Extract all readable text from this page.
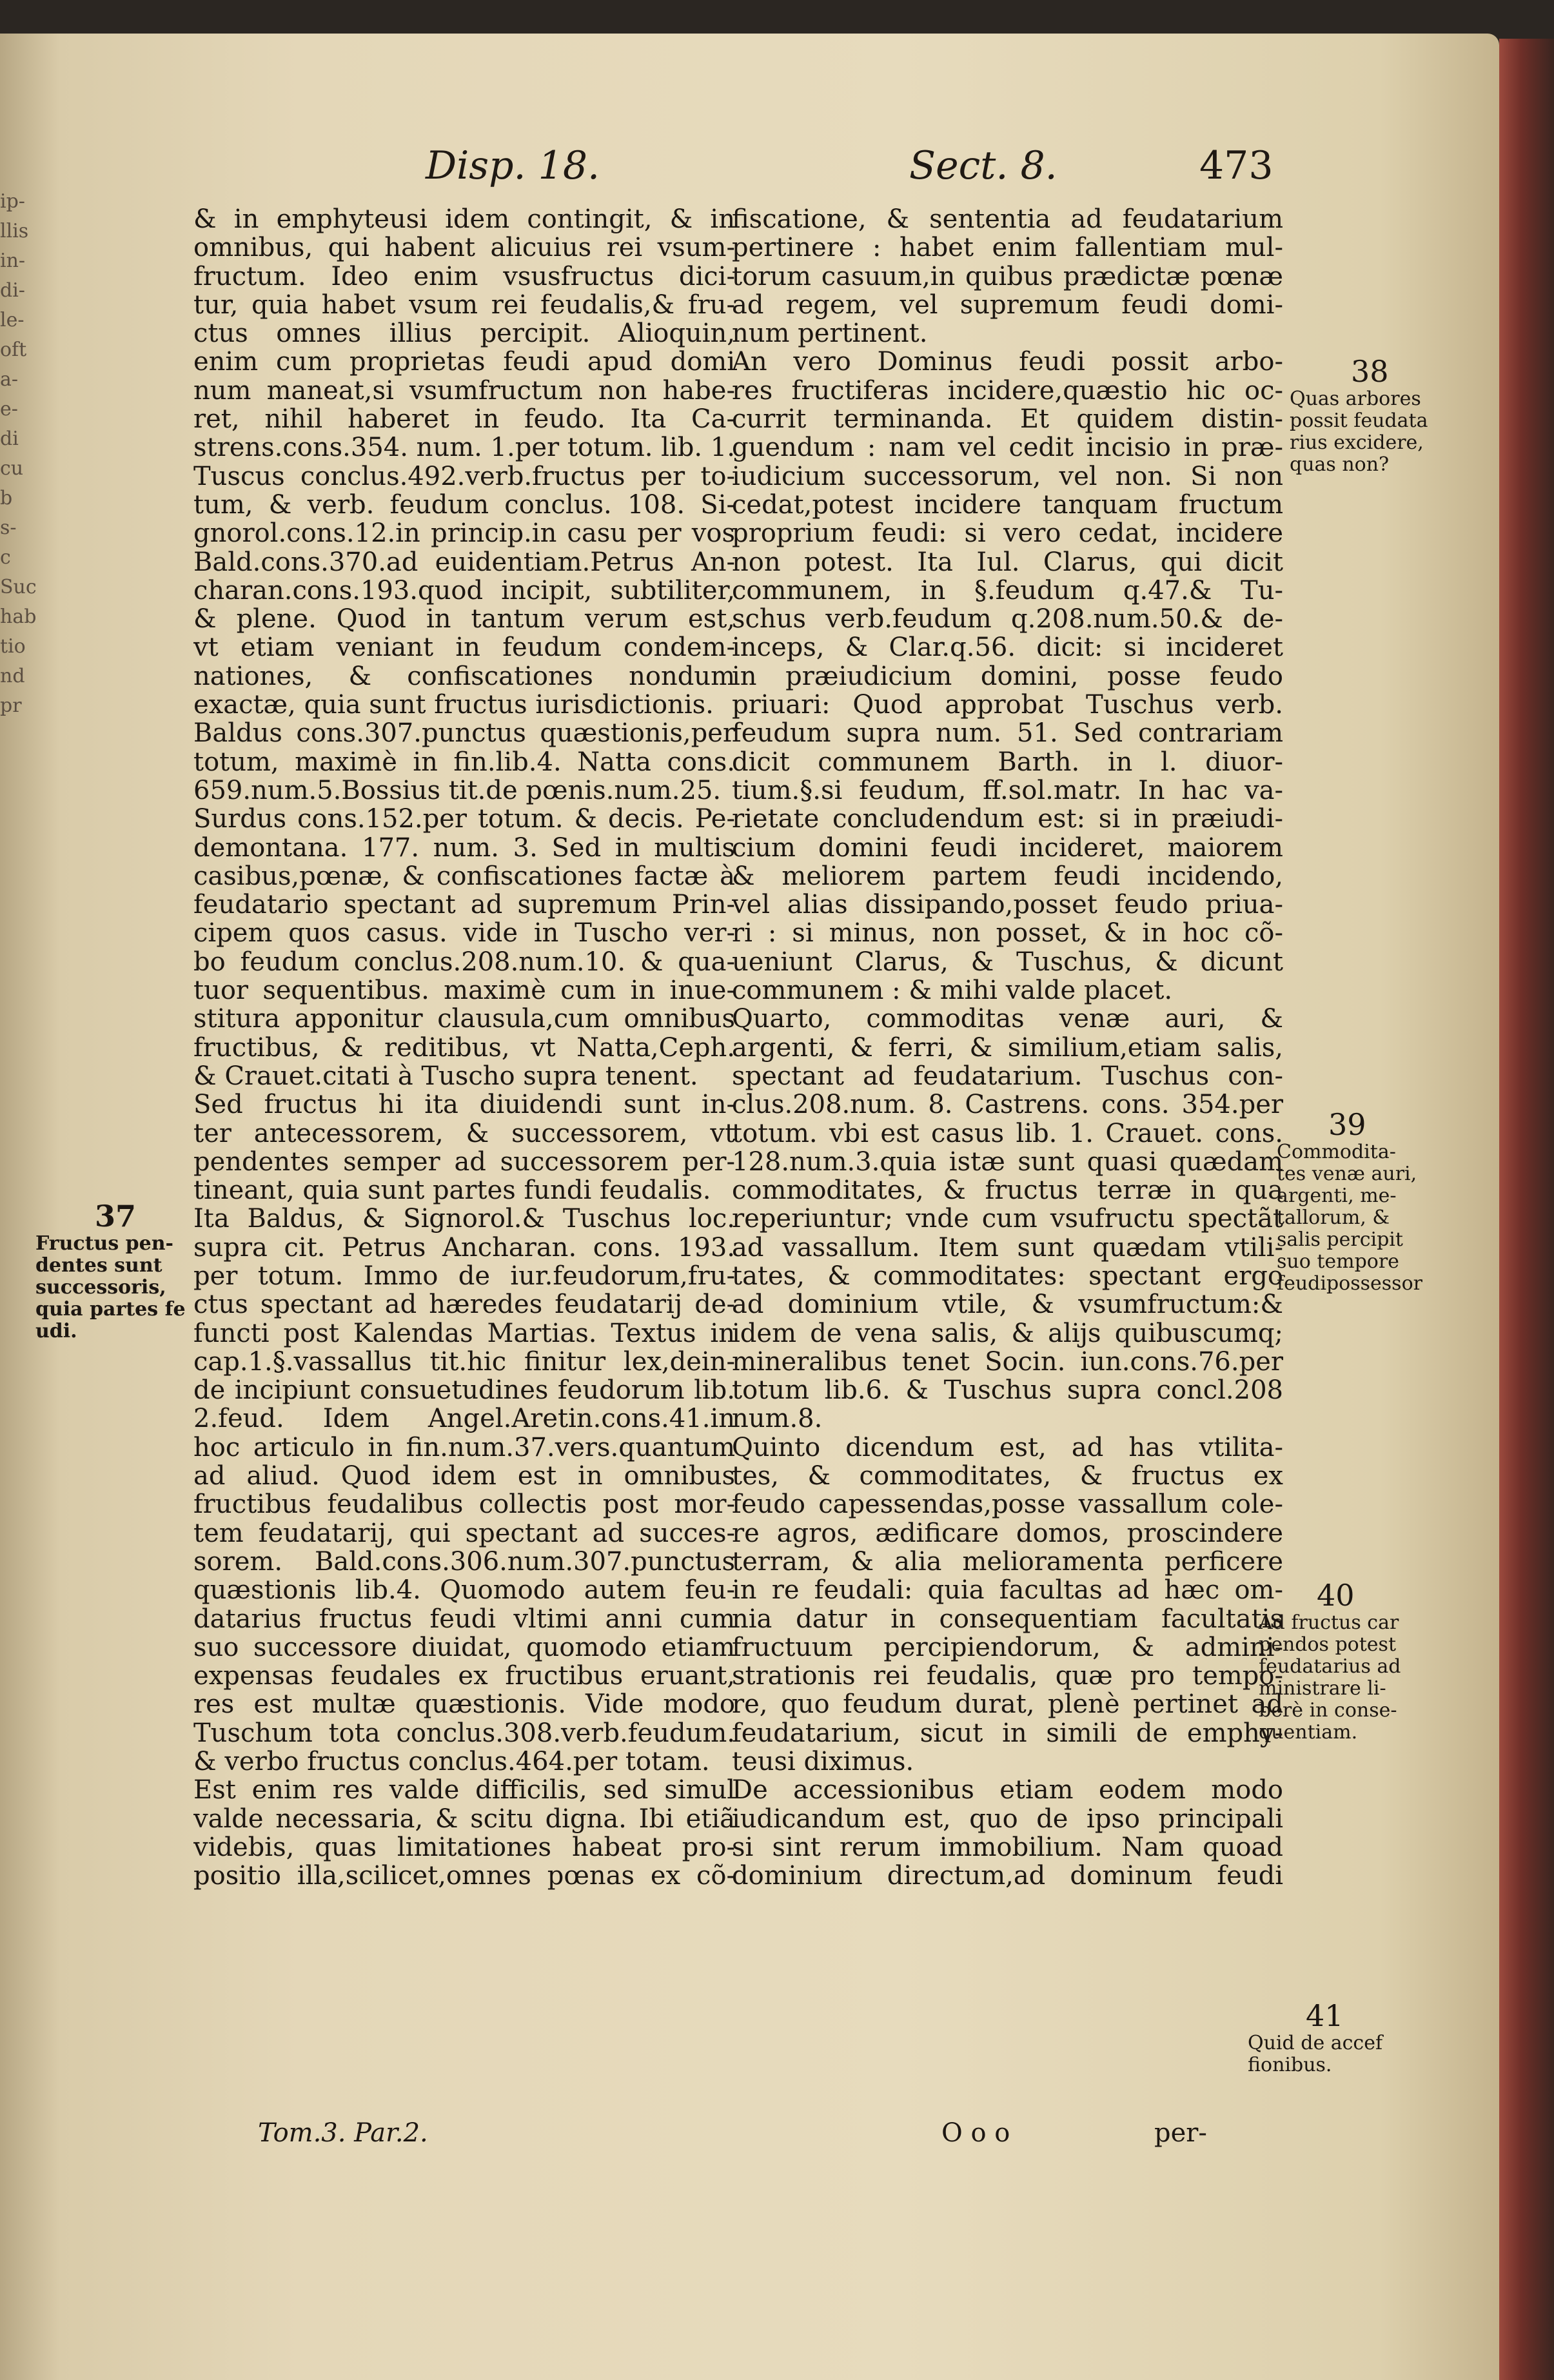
ip-
llis
in-
di-
le-
oft
a-
e-
di
cu
b
s-
c
Suc
hab
tio
nd
pr
Disp. 18.	Sect. 8.	473
& in emphyteusi idem contingit, & in
omnibus, qui habent alicuius rei vsum-
fructum. Ideo enim vsusfructus dici-
tur, quia habet vsum rei feudalis,& fru-
ctus omnes illius percipit. Alioquin,
enim cum proprietas feudi apud domi
num maneat,si vsumfructum non habe-
ret, nihil haberet in feudo. Ita Ca-
strens.cons.354. num. 1.per totum. lib. 1.
Tuscus conclus.492.verb.fructus per to-
tum, & verb. feudum conclus. 108. Si-
gnorol.cons.12.in princip.in casu per vos
Bald.cons.370.ad euidentiam.Petrus An-
charan.cons.193.quod incipit, subtiliter,
& plene. Quod in tantum verum est,
vt etiam veniant in feudum condem-
nationes, & confiscationes nondum
exactæ, quia sunt fructus iurisdictionis.
Baldus cons.307.punctus quæstionis,per
totum, maximè in fin.lib.4. Natta cons.
659.num.5.Bossius tit.de pœnis.num.25.
Surdus cons.152.per totum. & decis. Pe-
demontana. 177. num. 3. Sed in multis
casibus,pœnæ, & confiscationes factæ à
feudatario spectant ad supremum Prin-
cipem quos casus. vide in Tuscho ver-
bo feudum conclus.208.num.10. & qua-
tuor sequentibus. maximè cum in inue-
stitura apponitur clausula,cum omnibus
fructibus, & reditibus, vt Natta,Ceph.
& Crauet.citati à Tuscho supra tenent.
Sed fructus hi ita diuidendi sunt in-
ter antecessorem, & successorem, vt
pendentes semper ad successorem per-
tineant, quia sunt partes fundi feudalis.
Ita Baldus, & Signorol.& Tuschus loc.
supra cit. Petrus Ancharan. cons. 193.
per totum. Immo de iur.feudorum,fru-
ctus spectant ad hæredes feudatarij de-
functi post Kalendas Martias. Textus in
cap.1.§.vassallus tit.hic finitur lex,dein-
de incipiunt consuetudines feudorum lib.
2.feud. Idem Angel.Aretin.cons.41.in
hoc articulo in fin.num.37.vers.quantum
ad aliud. Quod idem est in omnibus
fructibus feudalibus collectis post mor-
tem feudatarij, qui spectant ad succes-
sorem. Bald.cons.306.num.307.punctus
quæstionis lib.4. Quomodo autem feu-
datarius fructus feudi vltimi anni cum
suo successore diuidat, quomodo etiam
expensas feudales ex fructibus eruant,
res est multæ quæstionis. Vide modo
Tuschum tota conclus.308.verb.feudum.
& verbo fructus conclus.464.per totam.
Est enim res valde difficilis, sed simul
valde necessaria, & scitu digna. Ibi etiã
videbis, quas limitationes habeat pro-
positio illa,scilicet,omnes pœnas ex cõ-
fiscatione, & sententia ad feudatarium
pertinere : habet enim fallentiam mul-
torum casuum,in quibus prædictæ pœnæ
ad regem, vel supremum feudi domi-
num pertinent.
An vero Dominus feudi possit arbo-
res fructiferas incidere,quæstio hic oc-
currit terminanda. Et quidem distin-
guendum : nam vel cedit incisio in præ-
iudicium successorum, vel non. Si non
cedat,potest incidere tanquam fructum
proprium feudi: si vero cedat, incidere
non potest. Ita Iul. Clarus, qui dicit
communem, in §.feudum q.47.& Tu-
schus verb.feudum q.208.num.50.& de-
inceps, & Clar.q.56. dicit: si incideret
in præiudicium domini, posse feudo
priuari: Quod approbat Tuschus verb.
feudum supra num. 51. Sed contrariam
dicit communem Barth. in l. diuor-
tium.§.si feudum, ff.sol.matr. In hac va-
rietate concludendum est: si in præiudi-
cium domini feudi incideret, maiorem
& meliorem partem feudi incidendo,
vel alias dissipando,posset feudo priua-
ri : si minus, non posset, & in hoc cõ-
ueniunt Clarus, & Tuschus, & dicunt
communem : & mihi valde placet.
Quarto, commoditas venæ auri, &
argenti, & ferri, & similium,etiam salis,
spectant ad feudatarium. Tuschus con-
clus.208.num. 8. Castrens. cons. 354.per
totum. vbi est casus lib. 1. Crauet. cons.
128.num.3.quia istæ sunt quasi quædam
commoditates, & fructus terræ in qua
reperiuntur; vnde cum vsufructu spectãt
ad vassallum. Item sunt quædam vtili-
tates, & commoditates: spectant ergo
ad dominium vtile, & vsumfructum:&
idem de vena salis, & alijs quibuscumq;
mineralibus tenet Socin. iun.cons.76.per
totum lib.6. & Tuschus supra concl.208
num.8.
Quinto dicendum est, ad has vtilita-
tes, & commoditates, & fructus ex
feudo capessendas,posse vassallum cole-
re agros, ædificare domos, proscindere
terram, & alia melioramenta perficere
in re feudali: quia facultas ad hæc om-
nia datur in consequentiam facultatis
fructuum percipiendorum, & admini-
strationis rei feudalis, quæ pro tempo-
re, quo feudum durat, plenè pertinet ad
feudatarium, sicut in simili de emphy-
teusi diximus.
De accessionibus etiam eodem modo
iudicandum est, quo de ipso principali
si sint rerum immobilium. Nam quoad
dominium directum,ad dominum feudi
37
Fructus pen-
dentes sunt
successoris,
quia partes fe
udi.
38
Quas arbores
possit feudata
rius excidere,
quas non?
39
Commodita-
tes venæ auri,
argenti, me-
tallorum, &
salis percipit
suo tempore
feudipossessor
40
Ad fructus car
pendos potest
feudatarius ad
ministrare li-
berè in conse-
quentiam.
41
Quid de accef
fionibus.
Tom.3. Par.2.	O o o	per-
